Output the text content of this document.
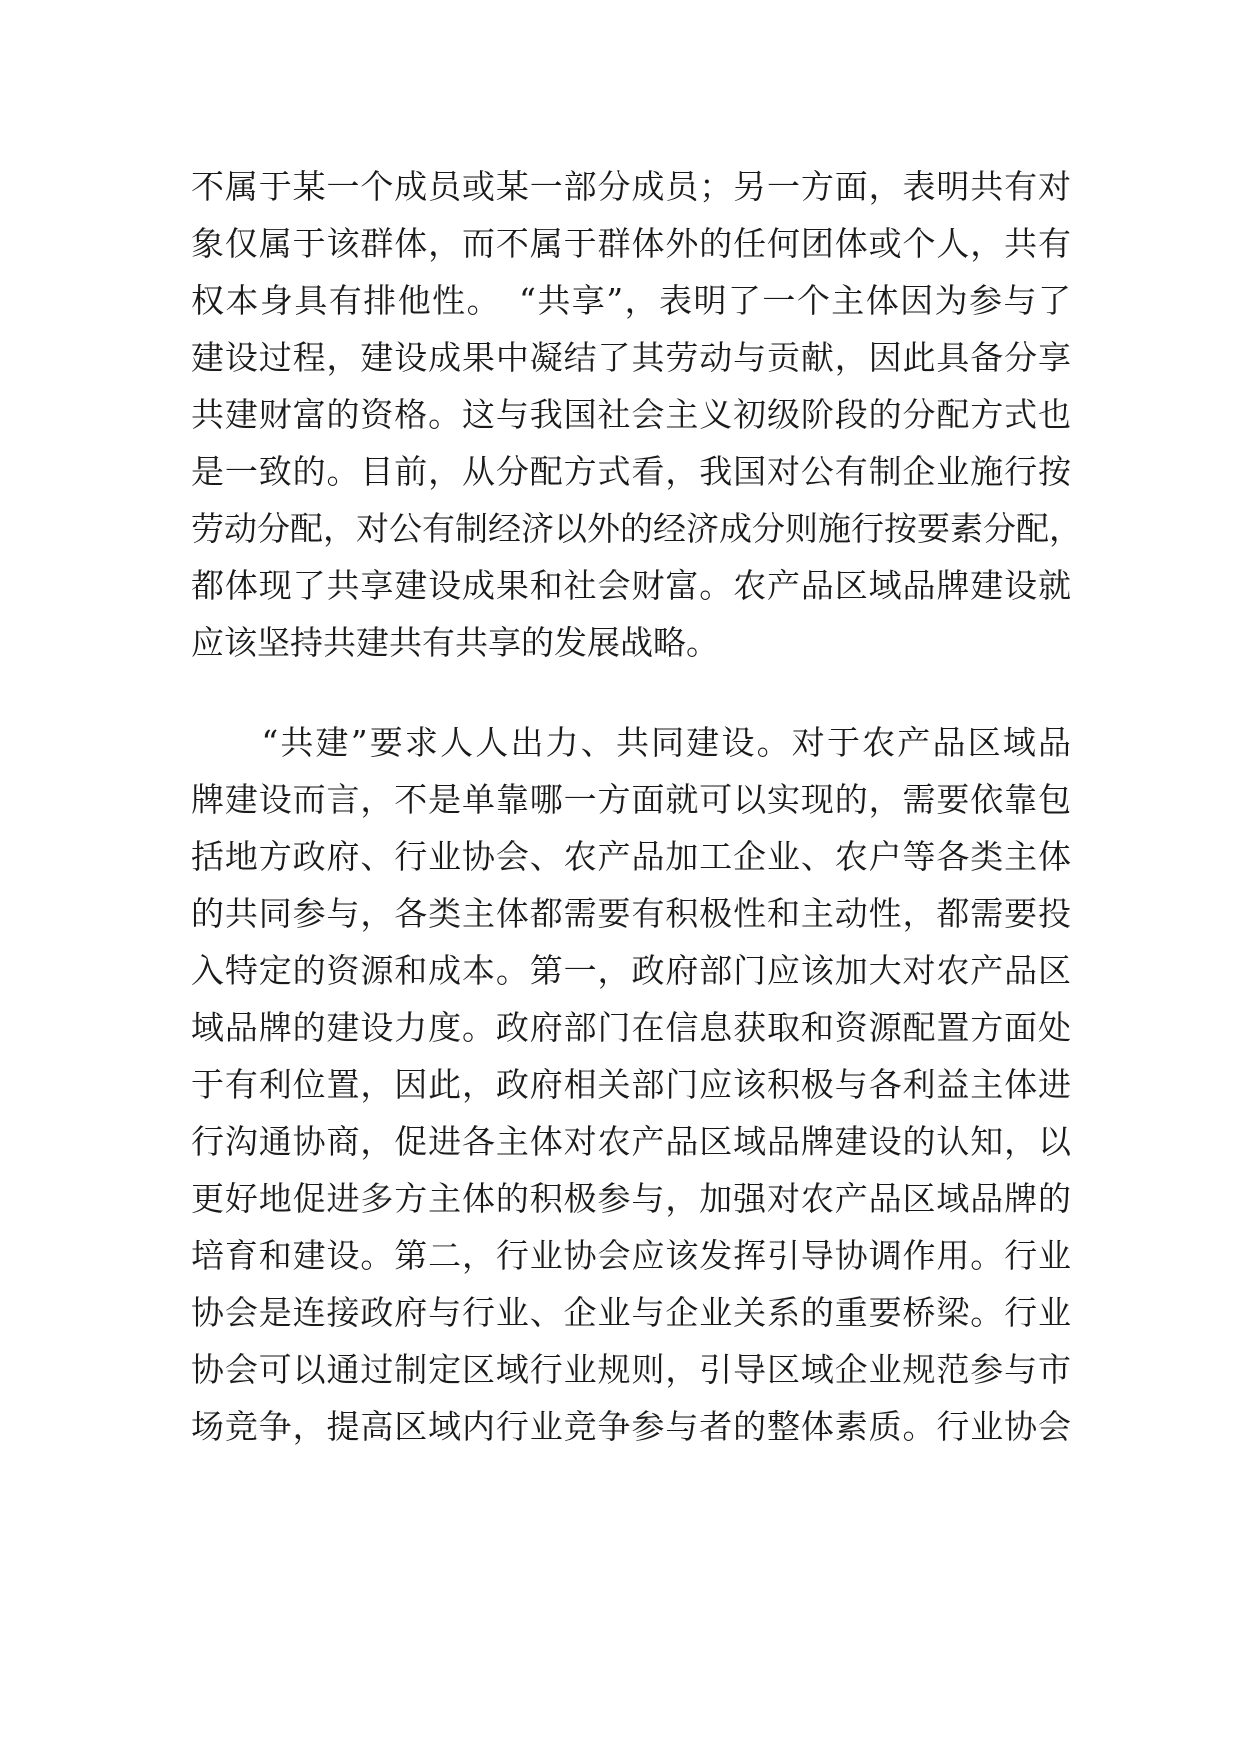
不属于某一个成员或某一部分成员；另一方面，表明共有对
象仅属于该群体，而不属于群体外的任何团体或个人，共有
权本身具有排他性。　“共享”，表明了一个主体因为参与了
建设过程，建设成果中凝结了其劳动与贡献，因此具备分享
共建财富的资格。这与我国社会主义初级阶段的分配方式也
是一致的。目前，从分配方式看，我国对公有制企业施行按
劳动分配，对公有制经济以外的经济成分则施行按要素分配，
都体现了共享建设成果和社会财富。农产品区域品牌建设就
应该坚持共建共有共享的发展战略。
　　“共建”要求人人出力、共同建设。对于农产品区域品
牌建设而言，不是单靠哪一方面就可以实现的，需要依靠包
括地方政府、行业协会、农产品加工企业、农户等各类主体
的共同参与，各类主体都需要有积极性和主动性，都需要投
入特定的资源和成本。第一，政府部门应该加大对农产品区
域品牌的建设力度。政府部门在信息获取和资源配置方面处
于有利位置，因此，政府相关部门应该积极与各利益主体进
行沟通协商，促进各主体对农产品区域品牌建设的认知，以
更好地促进多方主体的积极参与，加强对农产品区域品牌的
培育和建设。第二，行业协会应该发挥引导协调作用。行业
协会是连接政府与行业、企业与企业关系的重要桥梁。行业
协会可以通过制定区域行业规则，引导区域企业规范参与市
场竞争，提高区域内行业竞争参与者的整体素质。行业协会
